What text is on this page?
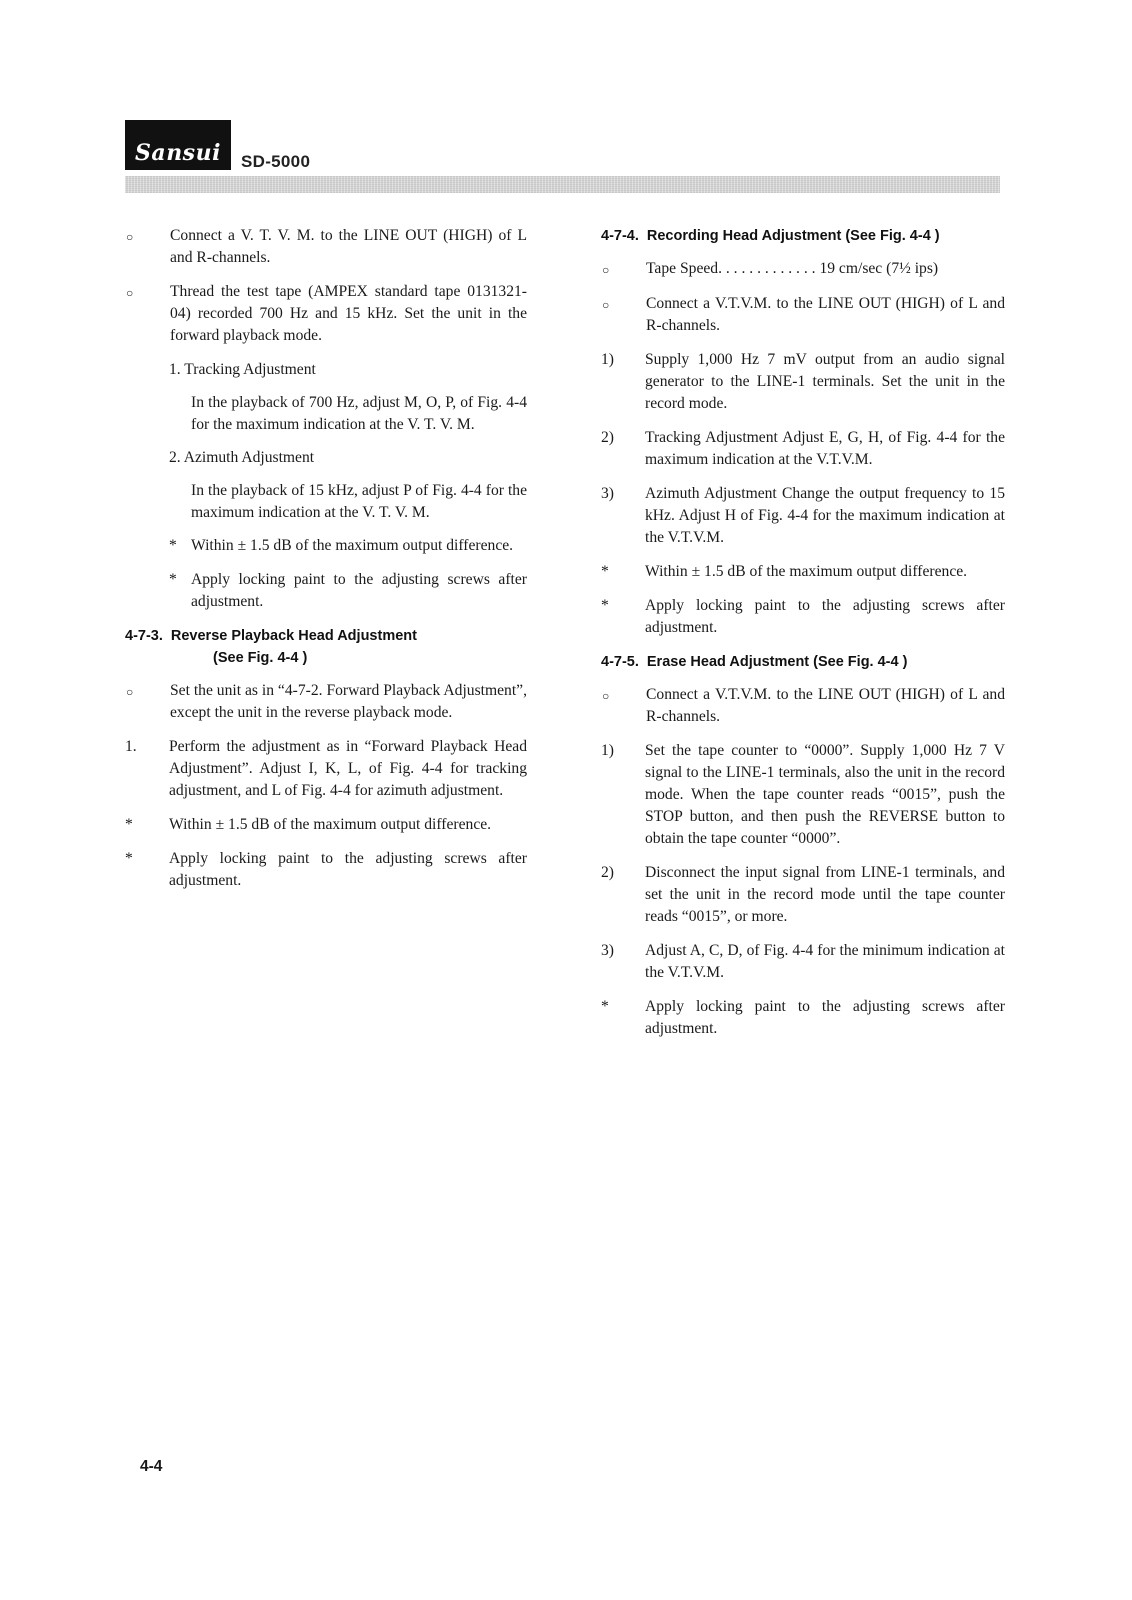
Sansui	SD-5000
○	Connect a V. T. V. M. to the LINE OUT (HIGH) of L and R-channels.
○	Thread the test tape (AMPEX standard tape 0131321-04) recorded 700 Hz and 15 kHz. Set the unit in the forward playback mode.
1. Tracking Adjustment
In the playback of 700 Hz, adjust M, O, P, of Fig. 4-4 for the maximum indication at the V. T. V. M.
2. Azimuth Adjustment
In the playback of 15 kHz, adjust P of Fig. 4-4 for the maximum indication at the V. T. V. M.
* Within ± 1.5 dB of the maximum output difference.
* Apply locking paint to the adjusting screws after adjustment.
4-7-3. Reverse Playback Head Adjustment
(See Fig. 4-4 )
○	Set the unit as in “4-7-2. Forward Playback Adjustment”, except the unit in the reverse playback mode.
1.	Perform the adjustment as in “Forward Playback Head Adjustment”. Adjust I, K, L, of Fig. 4-4 for tracking adjustment, and L of Fig. 4-4 for azimuth adjustment.
*	Within ± 1.5 dB of the maximum output difference.
*	Apply locking paint to the adjusting screws after adjustment.
4-7-4. Recording Head Adjustment (See Fig. 4-4 )
○	Tape Speed. . . . . . . . . . . . . 19 cm/sec (7½ ips)
○	Connect a V.T.V.M. to the LINE OUT (HIGH) of L and R-channels.
1)	Supply 1,000 Hz 7 mV output from an audio signal generator to the LINE-1 terminals. Set the unit in the record mode.
2)	Tracking Adjustment Adjust E, G, H, of Fig. 4-4 for the maximum indication at the V.T.V.M.
3)	Azimuth Adjustment Change the output frequency to 15 kHz. Adjust H of Fig. 4-4 for the maximum indication at the V.T.V.M.
*	Within ± 1.5 dB of the maximum output difference.
*	Apply locking paint to the adjusting screws after adjustment.
4-7-5. Erase Head Adjustment (See Fig. 4-4 )
○	Connect a V.T.V.M. to the LINE OUT (HIGH) of L and R-channels.
1)	Set the tape counter to “0000”. Supply 1,000 Hz 7 V signal to the LINE-1 terminals, also the unit in the record mode. When the tape counter reads “0015”, push the STOP button, and then push the REVERSE button to obtain the tape counter “0000”.
2)	Disconnect the input signal from LINE-1 terminals, and set the unit in the record mode until the tape counter reads “0015”, or more.
3)	Adjust A, C, D, of Fig. 4-4 for the minimum indication at the V.T.V.M.
*	Apply locking paint to the adjusting screws after adjustment.
4-4
